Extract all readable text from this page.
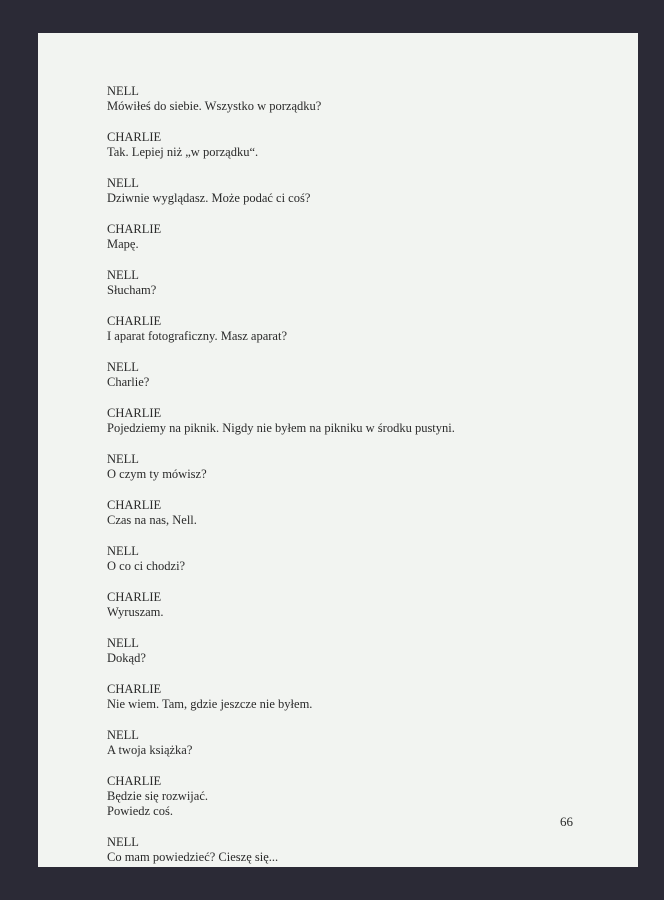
NELL
Mówiłeś do siebie. Wszystko w porządku?
CHARLIE
Tak. Lepiej niż „w porządku“.
NELL
Dziwnie wyglądasz. Może podać ci coś?
CHARLIE
Mapę.
NELL
Słucham?
CHARLIE
I aparat fotograficzny. Masz aparat?
NELL
Charlie?
CHARLIE
Pojedziemy na piknik. Nigdy nie byłem na pikniku w środku pustyni.
NELL
O czym ty mówisz?
CHARLIE
Czas na nas, Nell.
NELL
O co ci chodzi?
CHARLIE
Wyruszam.
NELL
Dokąd?
CHARLIE
Nie wiem. Tam, gdzie jeszcze nie byłem.
NELL
A twoja książka?
CHARLIE
Będzie się rozwijać.
Powiedz coś.
NELL
Co mam powiedzieć? Cieszę się...
66
